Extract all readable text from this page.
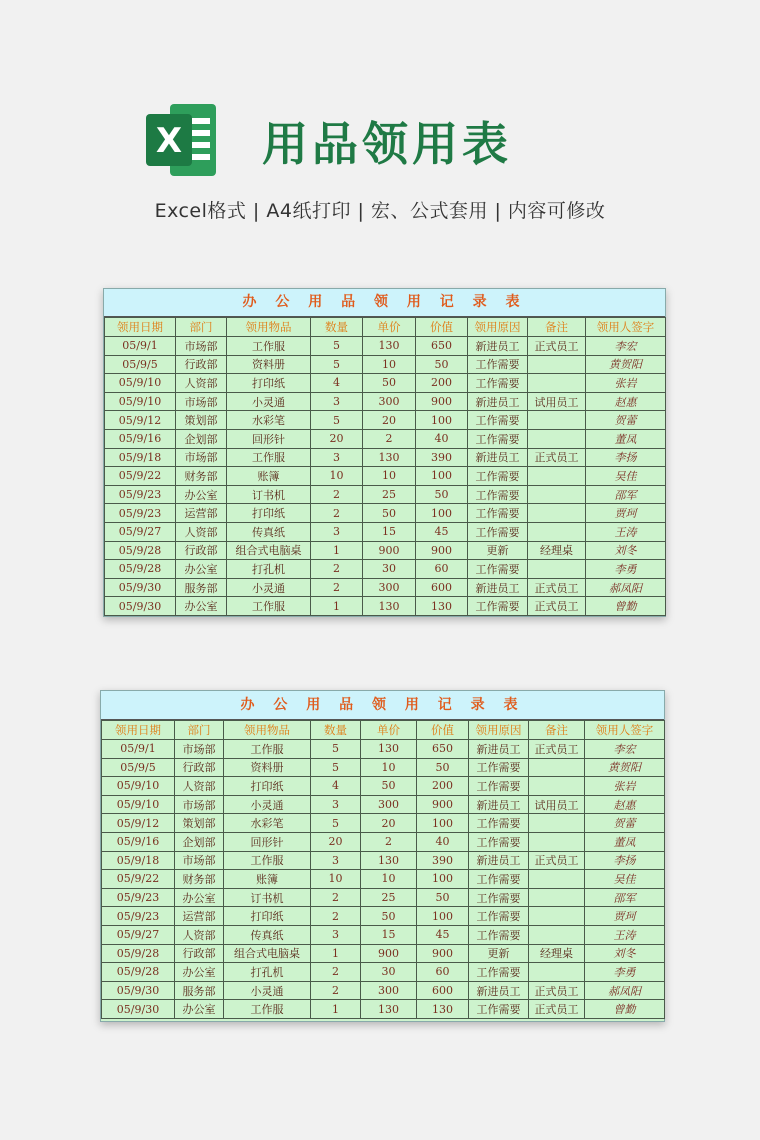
X 用品领用表
Excel格式 | A4纸打印 | 宏、公式套用 | 内容可修改
办 公 用 品 领 用 记 录 表
领用日期	部门	领用物品	数量	单价	价值	领用原因	备注	领用人签字
05/9/1	市场部	工作服	5	130	650	新进员工	正式员工	李宏
05/9/5	行政部	资料册	5	10	50	工作需要		黄贺阳
05/9/10	人资部	打印纸	4	50	200	工作需要		张岩
05/9/10	市场部	小灵通	3	300	900	新进员工	试用员工	赵惠
05/9/12	策划部	水彩笔	5	20	100	工作需要		贺蕾
05/9/16	企划部	回形针	20	2	40	工作需要		董凤
05/9/18	市场部	工作服	3	130	390	新进员工	正式员工	李扬
05/9/22	财务部	账簿	10	10	100	工作需要		吴佳
05/9/23	办公室	订书机	2	25	50	工作需要		邵军
05/9/23	运营部	打印纸	2	50	100	工作需要		贾珂
05/9/27	人资部	传真纸	3	15	45	工作需要		王涛
05/9/28	行政部	组合式电脑桌	1	900	900	更新	经理桌	刘冬
05/9/28	办公室	打孔机	2	30	60	工作需要		李勇
05/9/30	服务部	小灵通	2	300	600	新进员工	正式员工	郝凤阳
05/9/30	办公室	工作服	1	130	130	工作需要	正式员工	曾勤
办 公 用 品 领 用 记 录 表
领用日期	部门	领用物品	数量	单价	价值	领用原因	备注	领用人签字
05/9/1	市场部	工作服	5	130	650	新进员工	正式员工	李宏
05/9/5	行政部	资料册	5	10	50	工作需要		黄贺阳
05/9/10	人资部	打印纸	4	50	200	工作需要		张岩
05/9/10	市场部	小灵通	3	300	900	新进员工	试用员工	赵惠
05/9/12	策划部	水彩笔	5	20	100	工作需要		贺蕾
05/9/16	企划部	回形针	20	2	40	工作需要		董凤
05/9/18	市场部	工作服	3	130	390	新进员工	正式员工	李扬
05/9/22	财务部	账簿	10	10	100	工作需要		吴佳
05/9/23	办公室	订书机	2	25	50	工作需要		邵军
05/9/23	运营部	打印纸	2	50	100	工作需要		贾珂
05/9/27	人资部	传真纸	3	15	45	工作需要		王涛
05/9/28	行政部	组合式电脑桌	1	900	900	更新	经理桌	刘冬
05/9/28	办公室	打孔机	2	30	60	工作需要		李勇
05/9/30	服务部	小灵通	2	300	600	新进员工	正式员工	郝凤阳
05/9/30	办公室	工作服	1	130	130	工作需要	正式员工	曾勤
